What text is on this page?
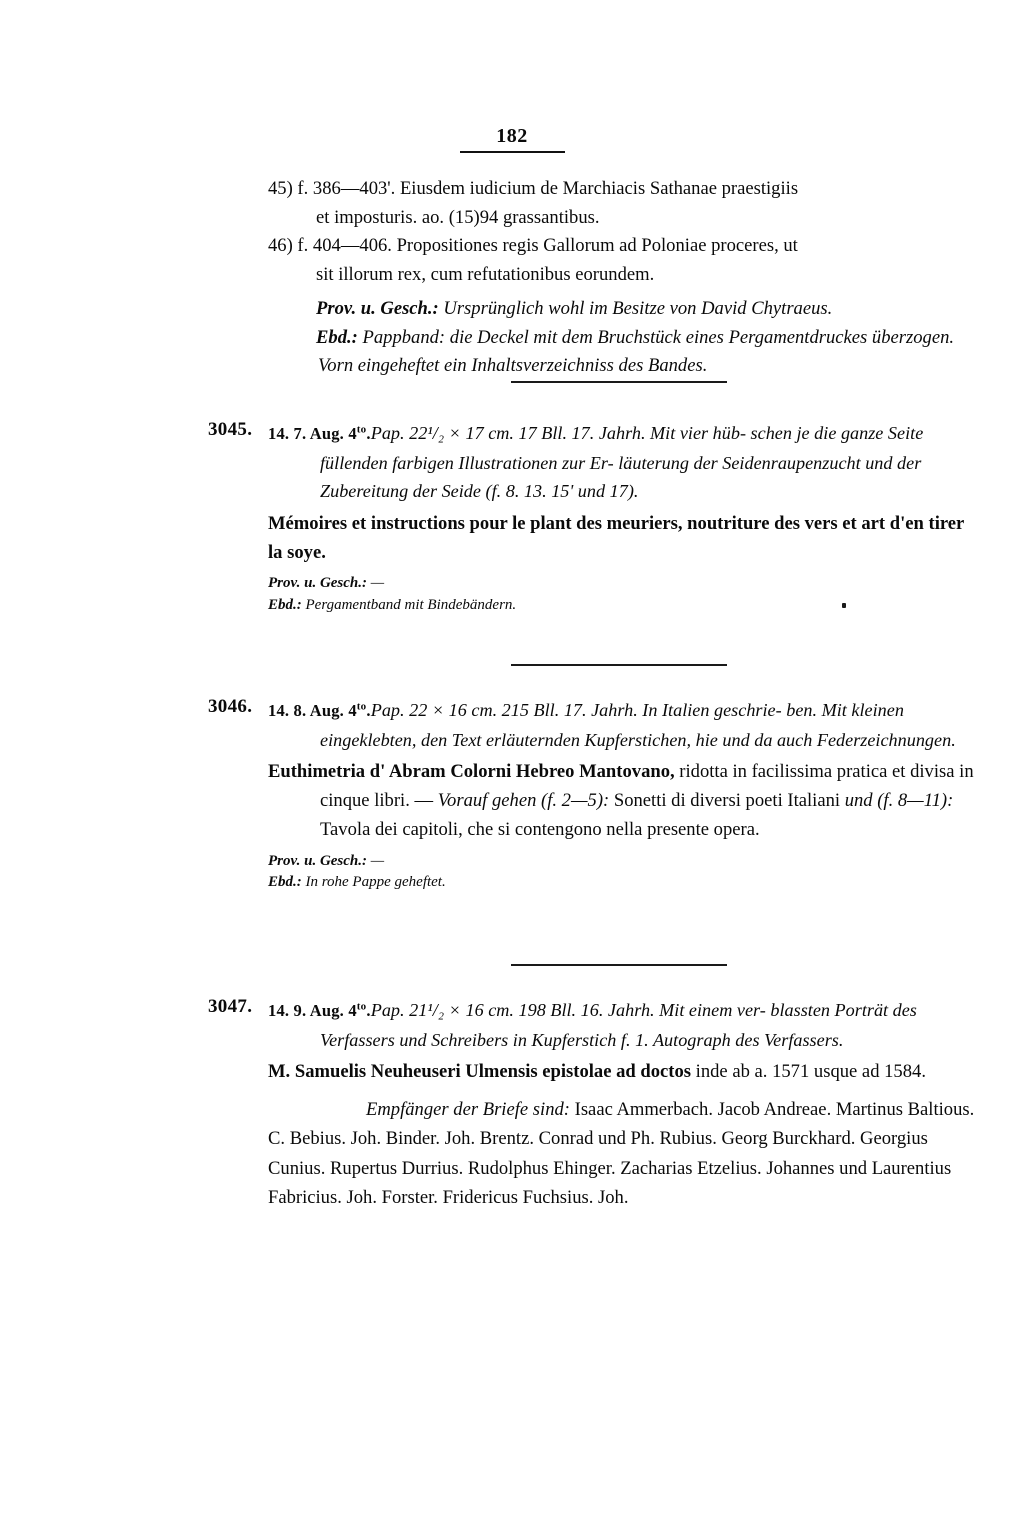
182

45) f. 386—403'. Eiusdem iudicium de Marchiacis Sathanae praestigiis

et imposturis. ao. (15)94 grassantibus.

46) f. 404—406. Propositiones regis Gallorum ad Poloniae proceres, ut

sit illorum rex, cum refutationibus eorundem.

Prov. u. Gesch.: Ursprünglich wohl im Besitze von David Chytraeus.

Ebd.: Pappband: die Deckel mit dem Bruchstück eines Pergamentdruckes überzogen.

Vorn eingeheftet ein Inhaltsverzeichniss des Bandes.

3045. 14. 7. Aug. $4^{to}.Pap$. 22¹/₂ × 17 cm. 17 Bll. 17. Jahrh. Mit vier hüb- schen je die ganze Seite füllenden farbigen Illustrationen zur Er- läuterung der Seidenraupenzucht und der Zubereitung der Seide (f. 8. 13. 15' und 17).

Mémoires et instructions pour le plant des meuriers, noutriture des vers et art d'en tirer la soye.

Prov. u. Gesch.: —

Ebd.: Pergamentband mit Bindebändern.

3046. 14. 8. Aug. $4^{to}.Pap$. 22 × 16 cm. 215 Bll. 17. Jahrh. In Italien geschrie- ben. Mit kleinen eingeklebten, den Text erläutеrnden Kupferstichen, hie und da auch Federzeichnungen.

Euthimetria d' Abram Colorni Hebreo Mantovano, ridotta in facilissima pratica et divisa in cinque libri. — Vorauf gehen (f. 2—5): Sonetti di diversi poeti Italiani und (f. 8—11): Tavola dei capitoli, che si contengono nella presente opera.

Prov. u. Gesch.: —

Ebd.: In rohe Pappe geheftet.

3047. 14. 9. Aug. $4^{to}.Pap$. 21¹/₂ × 16 cm. 198 Bll. 16. Jahrh. Mit einem ver- blassten Porträt des Verfassers und Schreibers in Kupferstich f. 1. Autograph des Verfassers.

M. Samuelis Neuheuseri Ulmensis epistolae ad doctos inde ab a. 1571 usque ad 1584.

Empfänger der Briefe sind: Isaac Ammerbach. Jacob Andreae. Martinus Baltious. C. Bebius. Joh. Binder. Joh. Brentz. Conrad und Ph. Rubius. Georg Burckhard. Georgius Cunius. Rupertus Durrius. Rudolphus Ehinger. Zacharias Etzelius. Johannes und Laurentius Fabricius. Joh. Forster. Fridericus Fuchsius. Joh.
